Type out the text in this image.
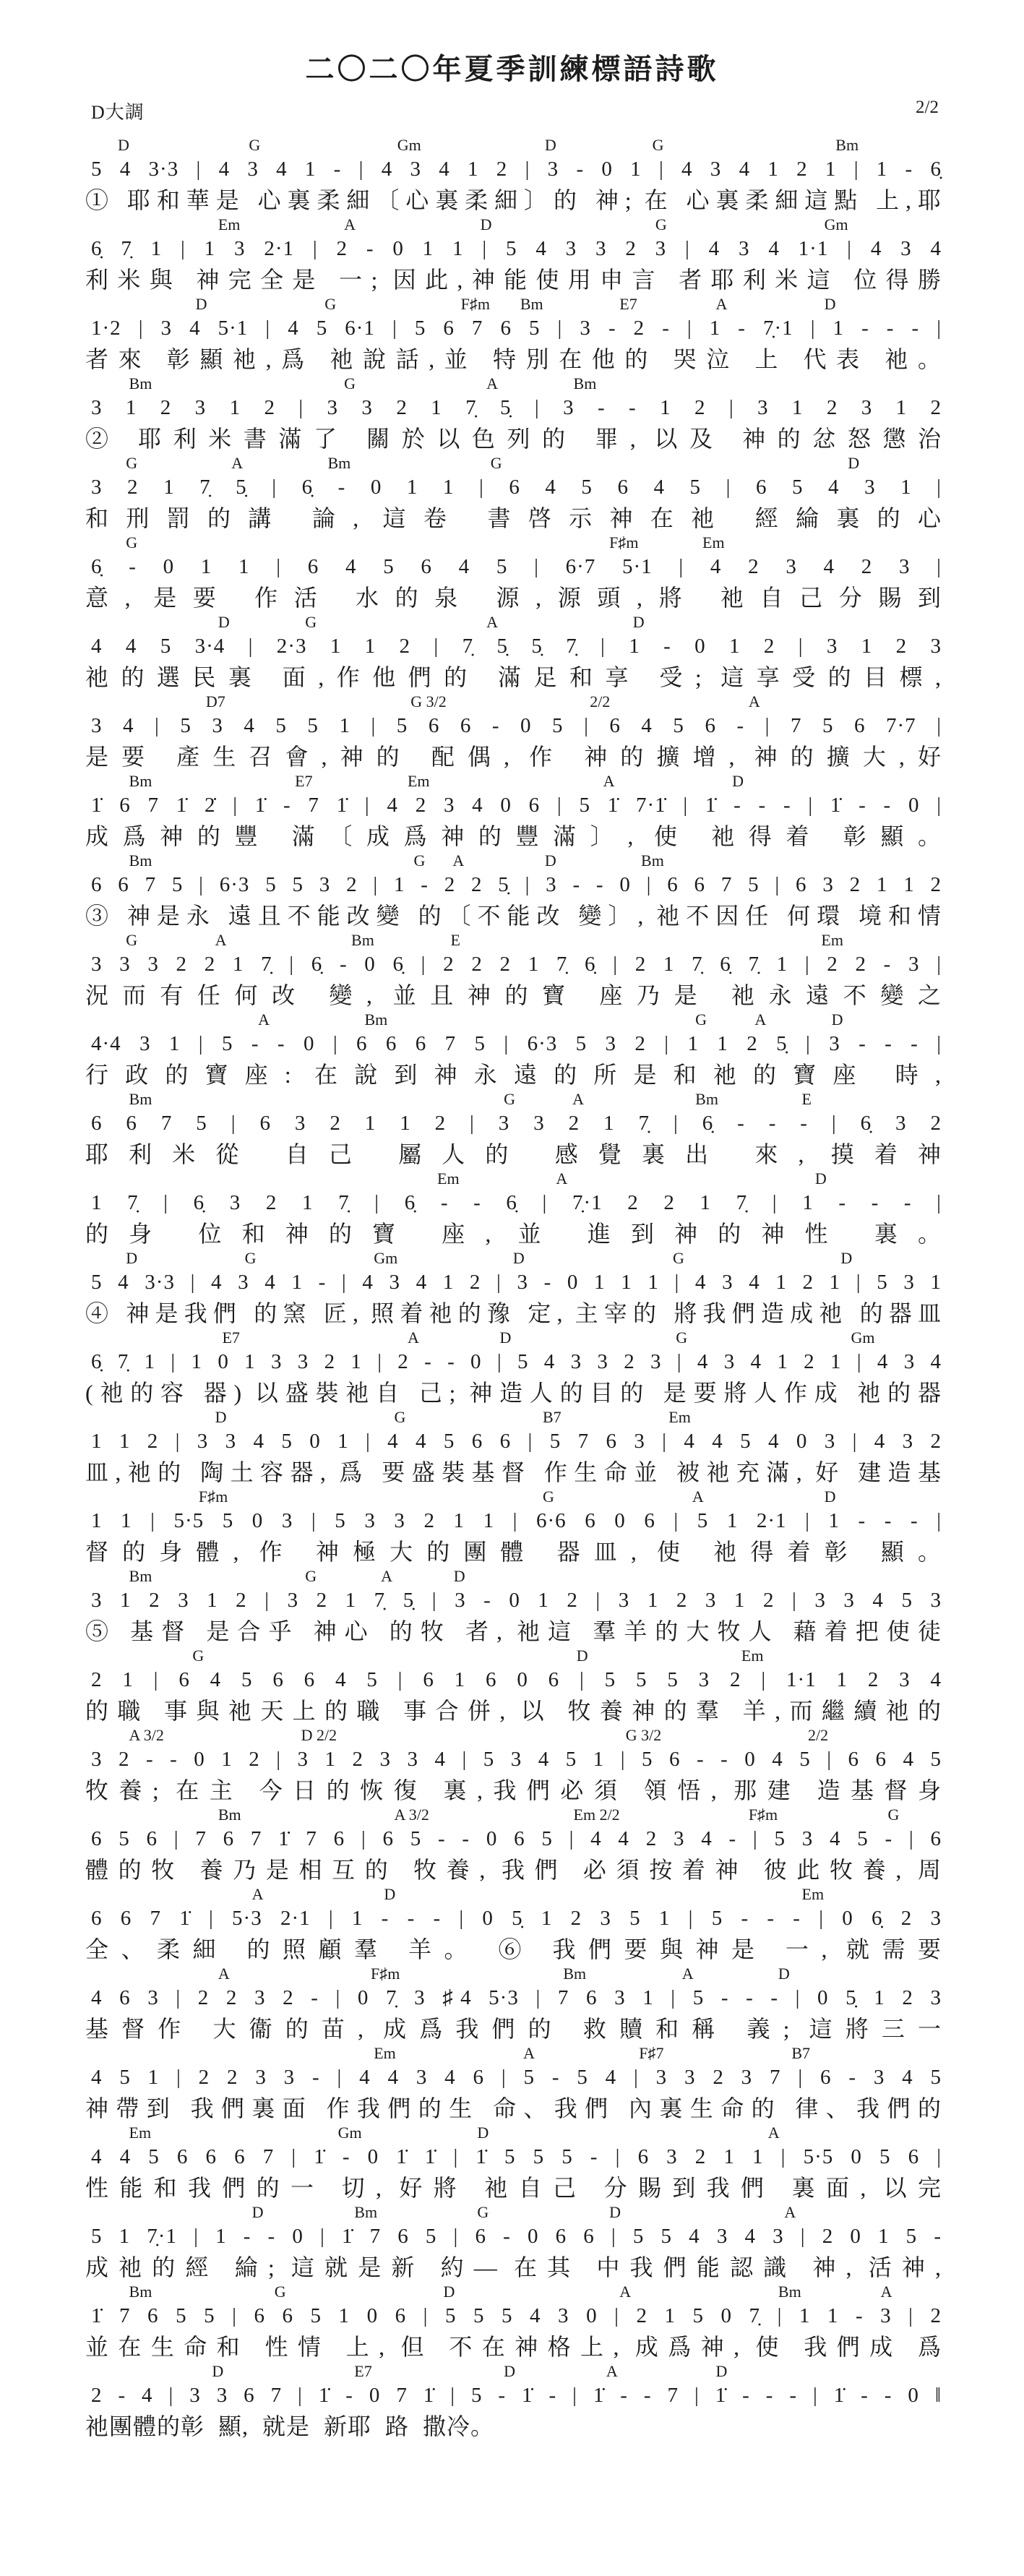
二〇二〇年夏季訓練標語詩歌
D大調	2/2
D	G	Gm	D	G	Bm
5 4 3·3 | 4 3 4 1 - | 4 3 4 1 2 | 3 - 0 1 | 4 3 4 1 2 1 | 1 - 6̣
① 耶和華是 心裏柔細〔心裏柔細〕的 神; 在 心裏柔細這點 上,耶
Em	A	D	G	Gm
6̣ 7̣ 1 | 1 3 2·1 | 2 - 0 1 1 | 5 4 3 3 2 3 | 4 3 4 1·1 | 4 3 4
利米與 神完全是 一; 因此,神能使用申言 者耶利米這 位得勝
D	G	F♯m Bm	E7	A	D
1·2 | 3 4 5·1 | 4 5 6·1 | 5 6 7 6 5 | 3 - 2 - | 1 - 7̣·1 | 1 - - - |
者來 彰顯祂,爲 祂說話,並 特別在他的 哭泣 上 代表 祂。
Bm	G	A	Bm
3 1 2 3 1 2 | 3 3 2 1 7̣ 5̣ | 3 - - 1 2 | 3 1 2 3 1 2
② 耶利米書滿了 關於以色列的 罪, 以及 神的忿怒懲治
G	A	Bm	G	D
3 2 1 7̣ 5̣ | 6̣ - 0 1 1 | 6 4 5 6 4 5 | 6 5 4 3 1 |
和刑罰的講 論, 這卷 書啓示神在祂 經綸裏的心
G	F♯m	Em
6̣ - 0 1 1 | 6 4 5 6 4 5 | 6·7 5·1 | 4 2 3 4 2 3 |
意, 是要 作活 水的泉 源,源頭,將 祂自己分賜到
D	G	A	D
4 4 5 3·4 | 2·3 1 1 2 | 7̣ 5̣ 5̣ 7̣ | 1 - 0 1 2 | 3 1 2 3
祂的選民裏 面,作他們的 滿足和享 受; 這享受的目標,
D7	G 3/2	2/2	A
3 4 | 5 3 4 5 5 1 | 5 6 6 - 0 5 | 6 4 5 6 - | 7 5 6 7·7 |
是要 產生召會,神的 配偶, 作 神的擴增, 神的擴大,好
Bm	E7	Em	A	D
1̇ 6 7 1̇ 2̇ | 1̇ - 7 1̇ | 4 2 3 4 0 6 | 5 1̇ 7·1̇ | 1̇ - - - | 1̇ - - 0 |
成爲神的豐 滿〔成爲神的豐滿〕, 使 祂得着 彰顯。
Bm	G A	D	Bm
6 6 7 5 | 6·3 5 5 3 2 | 1 - 2 2 5̣ | 3 - - 0 | 6 6 7 5 | 6 3 2 1 1 2
③ 神是永 遠且不能改變 的〔不能改 變〕, 祂不因任 何環 境和情
G	A	Bm	E	Em
3 3 3 2 2 1 7̣ | 6̣ - 0 6̣ | 2 2 2 1 7̣ 6̣ | 2 1 7̣ 6̣ 7̣ 1 | 2 2 - 3 |
況而有任何改 變, 並且神的寶 座乃是 祂永遠不變之
A	Bm	G	A	D
4·4 3 1 | 5 - - 0 | 6 6 6 7 5 | 6·3 5 3 2 | 1 1 2 5̣ | 3 - - - |
行政的寶座: 在說到神永遠的所是和祂的寶座 時,
Bm	G	A	Bm	E
6 6 7 5 | 6 3 2 1 1 2 | 3 3 2 1 7̣ | 6̣ - - - | 6̣ 3 2
耶利米從 自己 屬人的 感覺裏出 來, 摸着神
Em	A	D
1 7̣ | 6̣ 3 2 1 7̣ | 6̣ - - 6̣ | 7̣·1 2 2 1 7̣ | 1 - - - |
的身 位和神的寶 座, 並 進到神的神性 裏。
D	G	Gm	D	G	D
5 4 3·3 | 4 3 4 1 - | 4 3 4 1 2 | 3 - 0 1 1 1 | 4 3 4 1 2 1 | 5 3 1
④ 神是我們 的窯 匠, 照着祂的豫 定, 主宰的 將我們造成祂 的器皿
E7	A	D	G	Gm
6̣ 7̣ 1 | 1 0 1 3 3 2 1 | 2 - - 0 | 5 4 3 3 2 3 | 4 3 4 1 2 1 | 4 3 4
(祂的容 器) 以盛裝祂自 己; 神造人的目的 是要將人作成 祂的器
D	G	B7	Em
1 1 2 | 3 3 4 5 0 1 | 4 4 5 6 6 | 5 7 6 3 | 4 4 5 4 0 3 | 4 3 2
皿,祂的 陶土容器, 爲 要盛裝基督 作生命並 被祂充滿, 好 建造基
F♯m	G	A	D
1 1 | 5·5 5 0 3 | 5 3 3 2 1 1 | 6·6 6 0 6 | 5 1 2·1 | 1 - - - |
督的身體, 作 神極大的團體 器皿, 使 祂得着彰 顯。
Bm	G	A	D
3 1 2 3 1 2 | 3 2 1 7̣ 5̣ | 3 - 0 1 2 | 3 1 2 3 1 2 | 3 3 4 5 3
⑤ 基督 是合乎 神心 的牧 者, 祂這 羣羊的大牧人 藉着把使徒
G	D	Em
2 1 | 6 4 5 6 6 4 5 | 6 1 6 0 6 | 5 5 5 3 2 | 1·1 1 2 3 4
的職 事與祂天上的職 事合併, 以 牧養神的羣 羊,而繼續祂的
A 3/2	D 2/2	G 3/2	2/2
3 2 - - 0 1 2 | 3 1 2 3 3 4 | 5 3 4 5 1 | 5 6 - - 0 4 5 | 6 6 4 5
牧養; 在主 今日的恢復 裏,我們必須 領悟, 那建 造基督身
Bm	A 3/2	Em 2/2	F♯m	G
6 5 6 | 7 6 7 1̇ 7 6 | 6 5 - - 0 6 5 | 4 4 2 3 4 - | 5 3 4 5 - | 6
體的牧 養乃是相互的 牧養, 我們 必須按着神 彼此牧養, 周
A	D	Em
6 6 7 1̇ | 5·3 2·1 | 1 - - - | 0 5̣ 1 2 3 5 1 | 5 - - - | 0 6̣ 2 3
全、柔細 的照顧羣 羊。 ⑥ 我們要與神是 一, 就需要
A	F♯m	Bm	A	D
4 6 3 | 2 2 3 2 - | 0 7̣ 3 ♯4 5·3 | 7 6 3 1 | 5 - - - | 0 5̣ 1 2 3
基督作 大衞的苗, 成爲我們的 救贖和稱 義; 這將三一
Em	A	F♯7	B7
4 5 1 | 2 2 3 3 - | 4 4 3 4 6 | 5 - 5 4 | 3 3 2 3 7 | 6 - 3 4 5
神帶到 我們裏面 作我們的生 命、我們 內裏生命的 律、我們的
Em	Gm	D	A
4 4 5 6 6 6 7 | 1̇ - 0 1̇ 1̇ | 1̇ 5 5 5 - | 6 3 2 1 1 | 5·5 0 5 6 |
性能和我們的一 切, 好將 祂自己 分賜到我們 裏面, 以完
D	Bm	G	D	A
5 1 7̣·1 | 1 - - 0 | 1̇ 7 6 5 | 6 - 0 6 6 | 5 5 4 3 4 3 | 2 0 1 5 -
成祂的經 綸; 這就是新 約— 在其 中我們能認識 神, 活神,
Bm	G	D	A	Bm	A
1̇ 7 6 5 5 | 6 6 5 1 0 6 | 5 5 5 4 3 0 | 2 1 5 0 7̣ | 1 1 - 3 | 2
並在生命和 性情 上, 但 不在神格上, 成爲神, 使 我們成 爲
D	E7	D	A	D
2 - 4 | 3 3 6 7 | 1̇ - 0 7 1̇ | 5 - 1̇ - | 1̇ - - 7 | 1̇ - - - | 1̇ - - 0 ‖
祂團體的彰 顯, 就是 新耶 路 撒冷。
